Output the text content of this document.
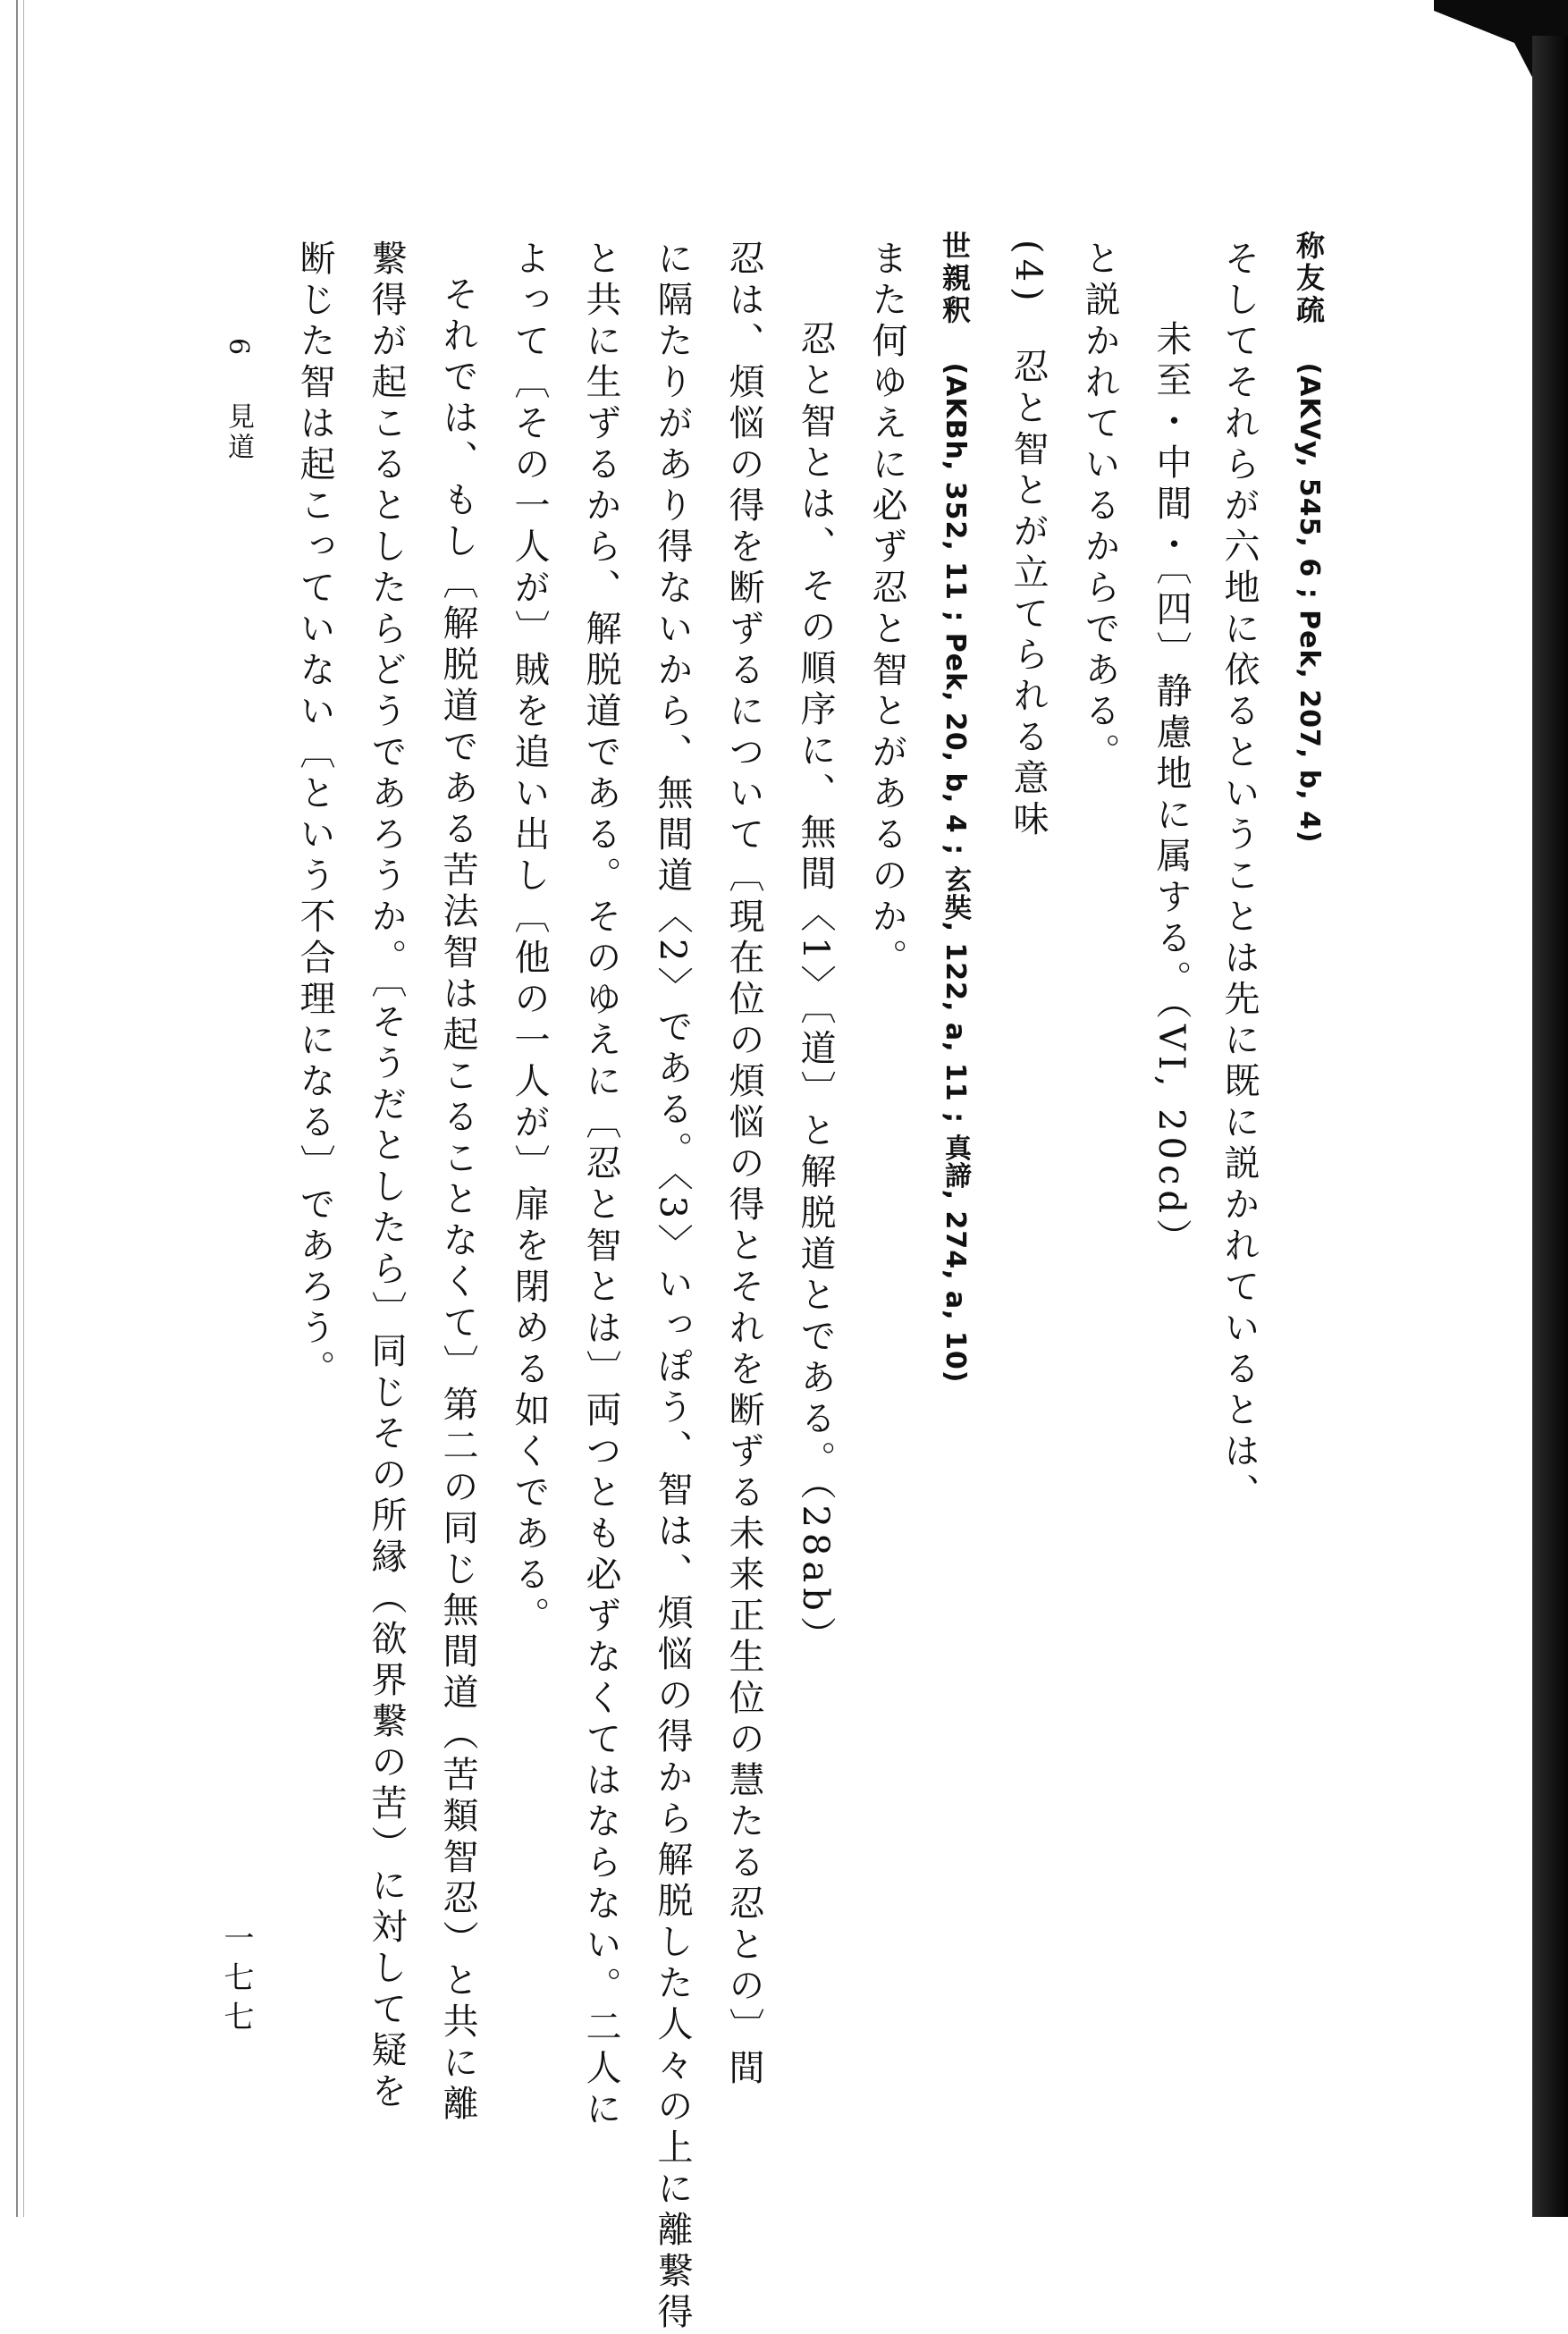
称友疏 (AKVy, 545, 6 ; Pek, 207, b, 4)
そしてそれらが六地に依るということは先に既に説かれているとは、
未至・中間・〔四〕静慮地に属する。（VI, 20cd）
と説かれているからである。
(4)　忍と智とが立てられる意味
世親釈 (AKBh, 352, 11 ; Pek, 20, b, 4 ; 玄奘, 122, a, 11 ; 真諦, 274, a, 10)
また何ゆえに必ず忍と智とがあるのか。
忍と智とは、その順序に、無間〈1〉〔道〕と解脱道とである。（28ab）
忍は、煩悩の得を断ずるについて〔現在位の煩悩の得とそれを断ずる未来正生位の慧たる忍との〕間
に隔たりがあり得ないから、無間道〈2〉である。〈3〉いっぽう、智は、煩悩の得から解脱した人々の上に離繋得
と共に生ずるから、解脱道である。そのゆえに〔忍と智とは〕両つとも必ずなくてはならない。二人に
よって〔その一人が〕賊を追い出し〔他の一人が〕扉を閉める如くである。
それでは、もし〔解脱道である苦法智は起こることなくて〕第二の同じ無間道（苦類智忍）と共に離
繋得が起こるとしたらどうであろうか。〔そうだとしたら〕同じその所縁（欲界繋の苦）に対して疑を
断じた智は起こっていない〔という不合理になる〕であろう。
6  見道
一七七
